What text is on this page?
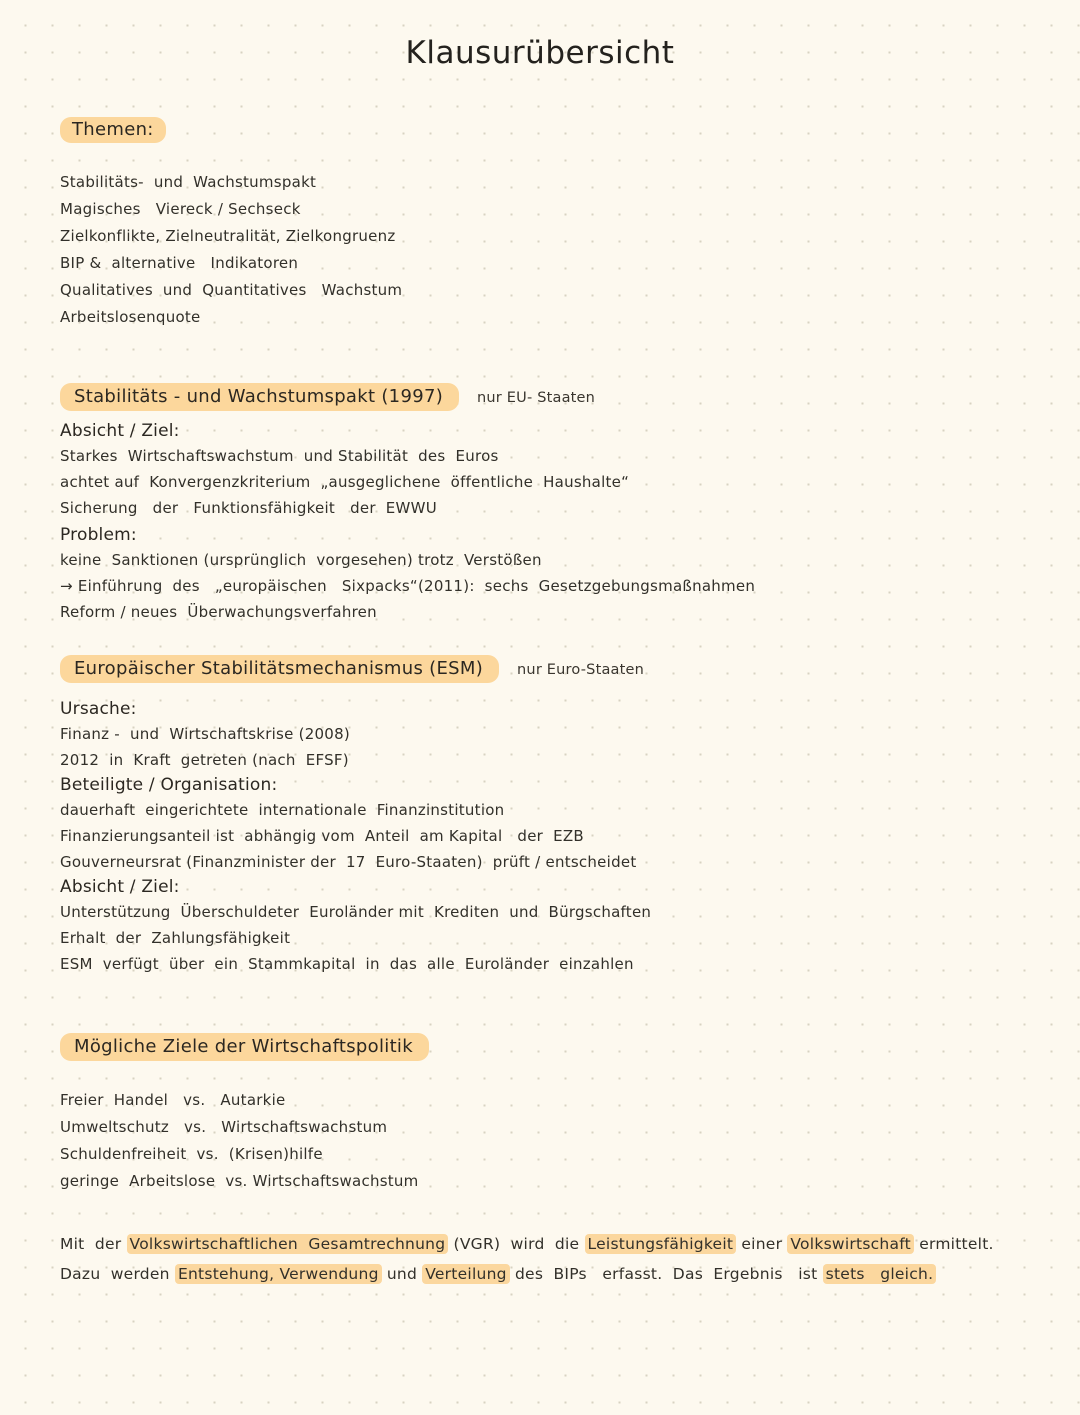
Klausurübersicht
Themen:
Stabilitäts-  und  Wachstumspakt
Magisches   Viereck / Sechseck
Zielkonflikte, Zielneutralität, Zielkongruenz
BIP &  alternative   Indikatoren
Qualitatives  und  Quantitatives   Wachstum
Arbeitslosenquote
Stabilitäts - und Wachstumspakt (1997)	nur EU- Staaten
Absicht / Ziel:
Starkes  Wirtschaftswachstum  und Stabilität  des  Euros
achtet auf  Konvergenzkriterium  „ausgeglichene  öffentliche  Haushalte“
Sicherung   der   Funktionsfähigkeit   der  EWWU
Problem:
keine  Sanktionen (ursprünglich  vorgesehen) trotz  Verstößen
→ Einführung  des   „europäischen   Sixpacks“(2011):  sechs  Gesetzgebungsmaßnahmen
Reform / neues  Überwachungsverfahren
Europäischer Stabilitätsmechanismus (ESM)	nur Euro-Staaten
Ursache:
Finanz -  und  Wirtschaftskrise (2008)
2012  in  Kraft  getreten (nach  EFSF)
Beteiligte / Organisation:
dauerhaft  eingerichtete  internationale  Finanzinstitution
Finanzierungsanteil ist  abhängig vom  Anteil  am Kapital   der  EZB
Gouverneursrat (Finanzminister der  17  Euro-Staaten)  prüft / entscheidet
Absicht / Ziel:
Unterstützung  Überschuldeter  Euroländer mit  Krediten  und  Bürgschaften
Erhalt  der  Zahlungsfähigkeit
ESM  verfügt  über  ein  Stammkapital  in  das  alle  Euroländer  einzahlen
Mögliche Ziele der Wirtschaftspolitik
Freier  Handel   vs.   Autarkie
Umweltschutz   vs.   Wirtschaftswachstum
Schuldenfreiheit  vs.  (Krisen)hilfe
geringe  Arbeitslose  vs. Wirtschaftswachstum
Mit  der Volkswirtschaftlichen  Gesamtrechnung (VGR)  wird  die Leistungsfähigkeit einer Volkswirtschaft ermittelt.
Dazu  werden Entstehung, Verwendung und Verteilung des  BIPs   erfasst.  Das  Ergebnis   ist stets   gleich.
